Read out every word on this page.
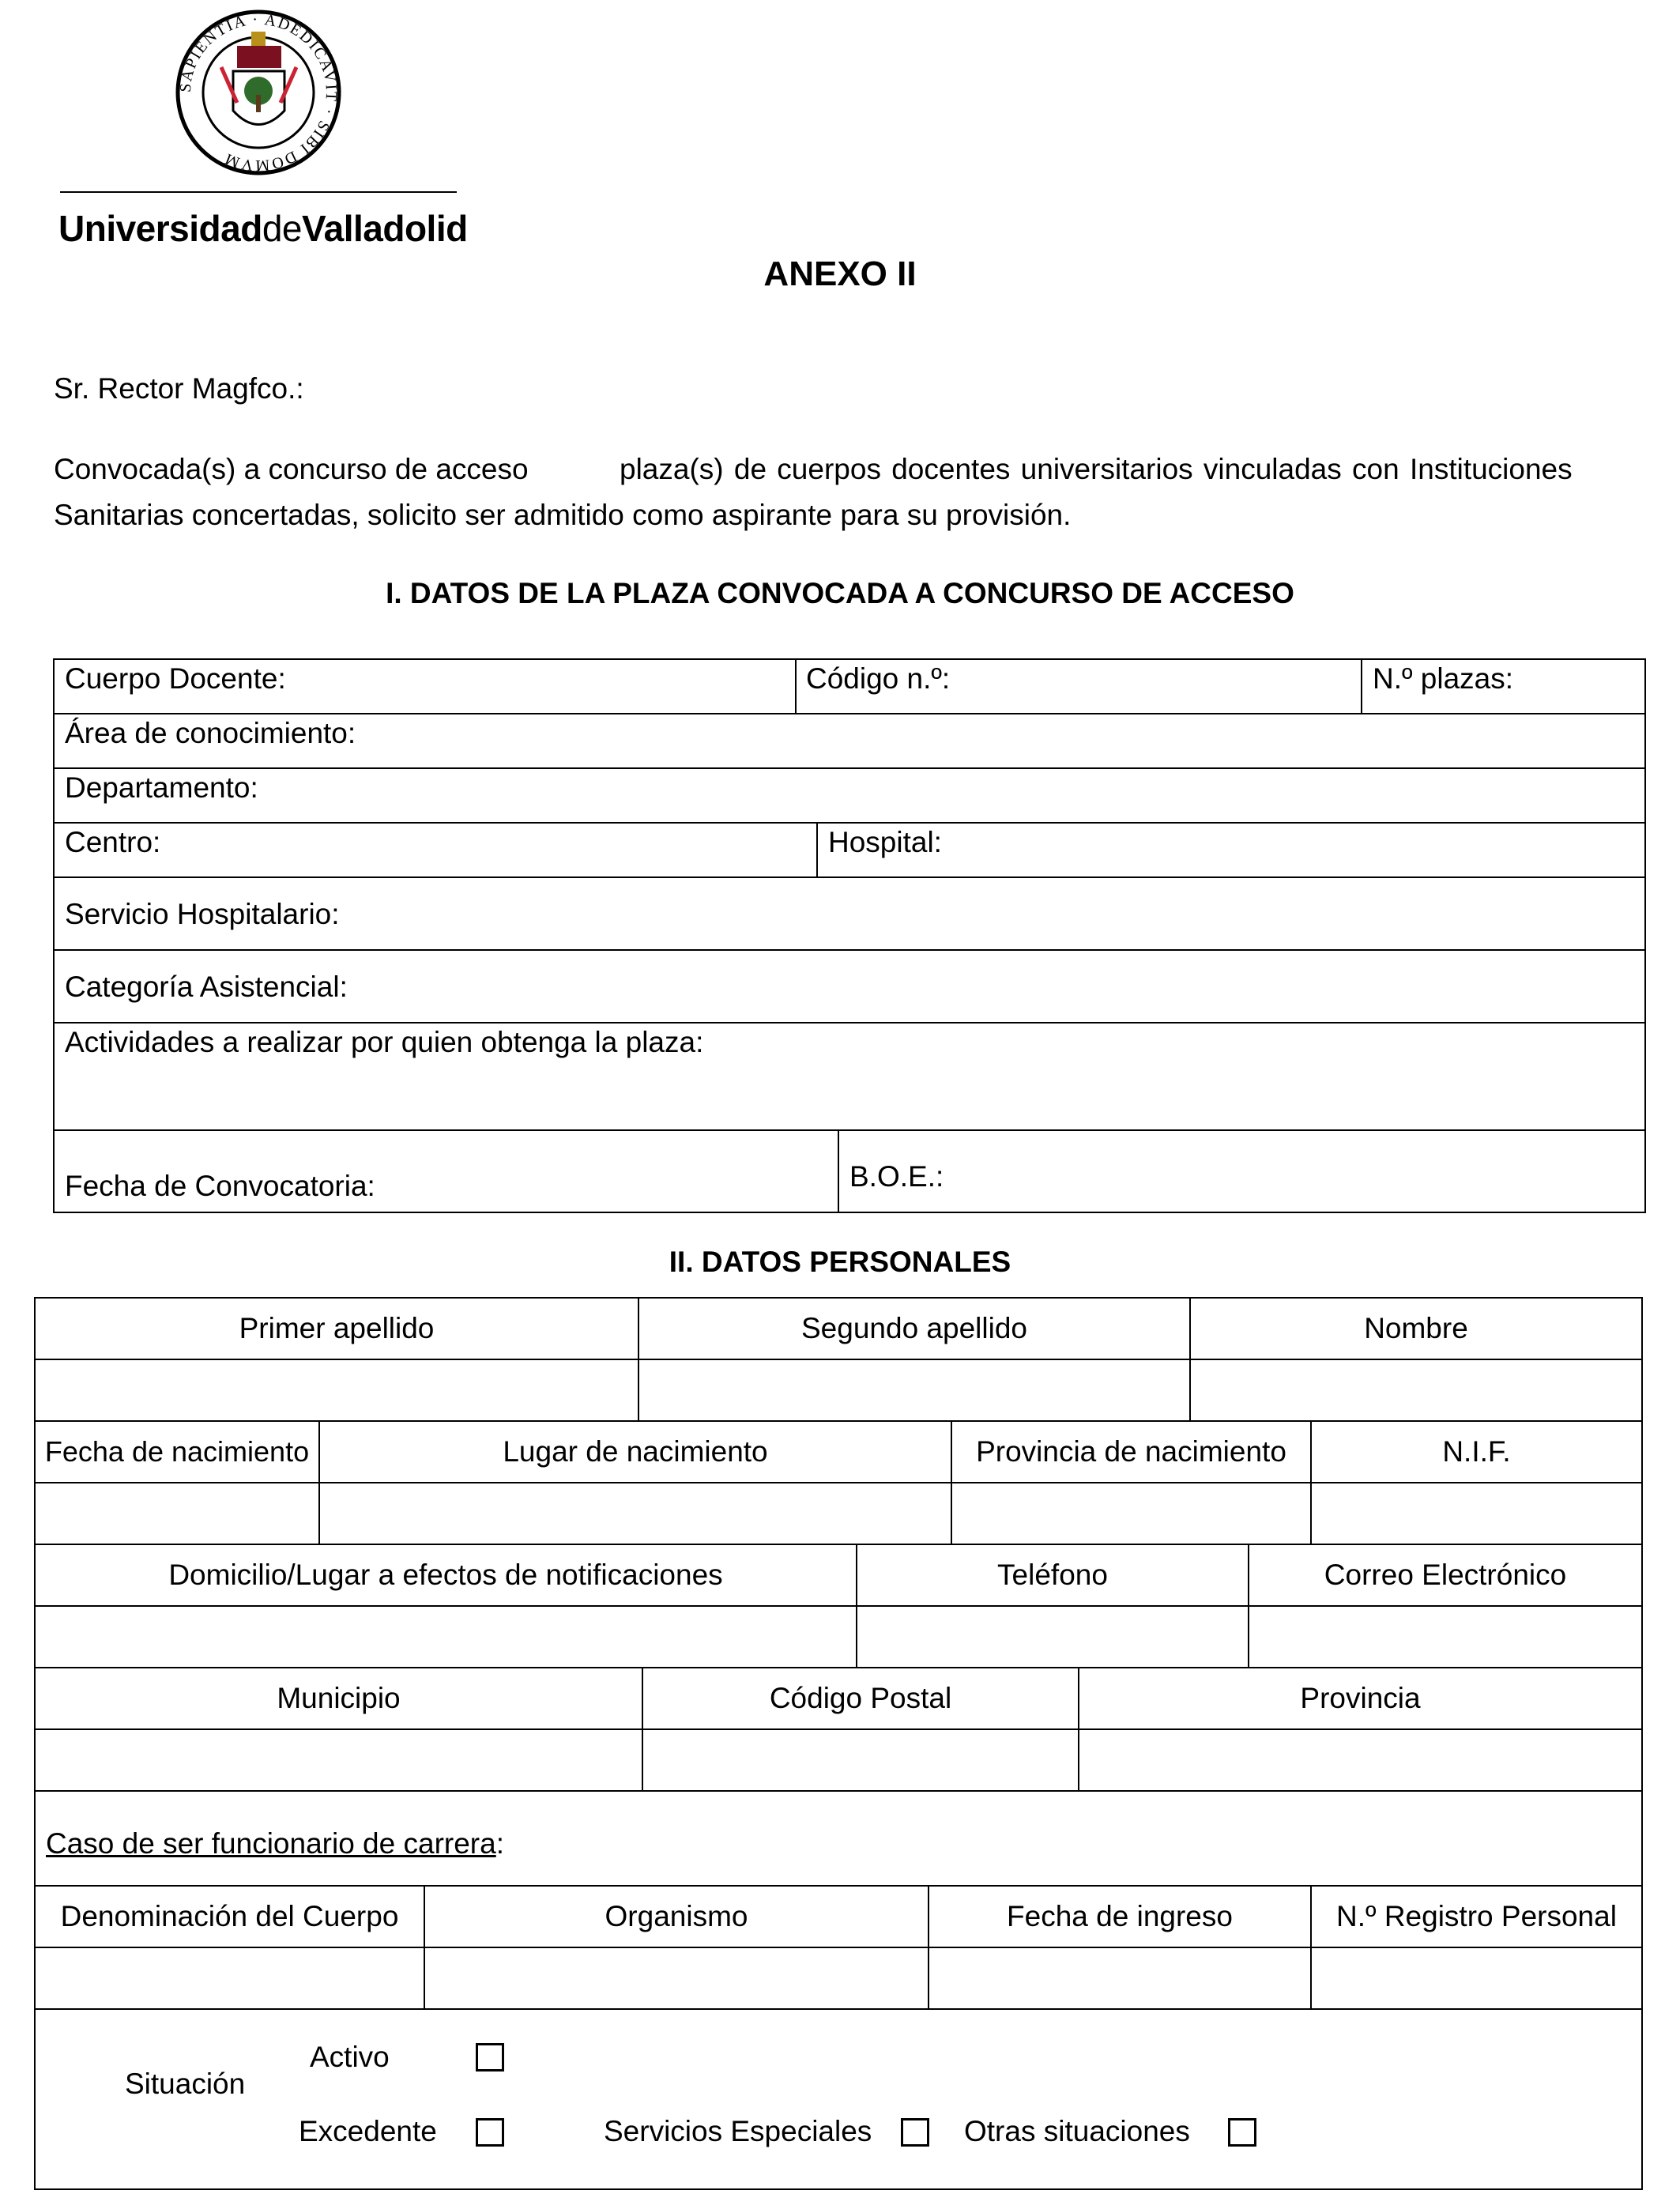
SAPIENTIA · ADEDICAVIT · SIBI DOMVM
UniversidaddeValladolid
ANEXO II
Sr. Rector Magfco.:
Convocada(s) a concurso de acceso	plaza(s) de cuerpos docentes universitarios vinculadas con Instituciones
Sanitarias concertadas, solicito ser admitido como aspirante para su provisión.
I. DATOS DE LA PLAZA CONVOCADA A CONCURSO DE ACCESO
Cuerpo Docente:	Código n.º:	N.º plazas:
Área de conocimiento:
Departamento:
Centro:	Hospital:
Servicio Hospitalario:
Categoría Asistencial:
Actividades a realizar por quien obtenga la plaza:
Fecha de Convocatoria:	B.O.E.:
II. DATOS PERSONALES
Primer apellido	Segundo apellido	Nombre
Fecha de nacimiento	Lugar de nacimiento	Provincia de nacimiento	N.I.F.
Domicilio/Lugar a efectos de notificaciones	Teléfono	Correo Electrónico
Municipio	Código Postal	Provincia
Caso de ser funcionario de carrera:
Denominación del Cuerpo	Organismo	Fecha de ingreso	N.º Registro Personal
Situación
Activo
Excedente	Servicios Especiales	Otras situaciones
